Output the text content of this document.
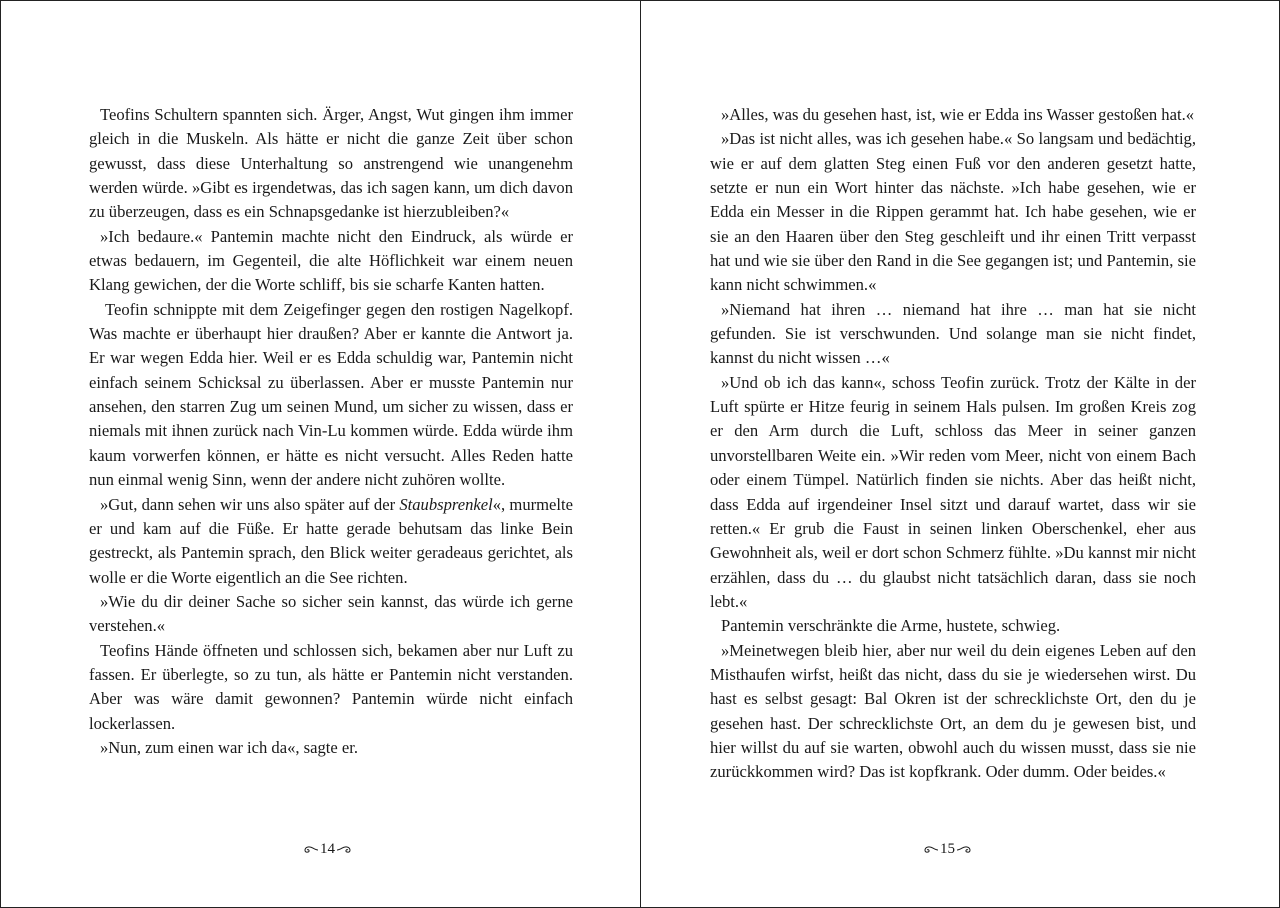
Teofins Schultern spannten sich. Ärger, Angst, Wut gingen ihm immer gleich in die Muskeln. Als hätte er nicht die ganze Zeit über schon gewusst, dass diese Unterhaltung so anstrengend wie unangenehm werden würde. »Gibt es irgendetwas, das ich sagen kann, um dich davon zu überzeugen, dass es ein Schnapsgedanke ist hierzubleiben?«

»Ich bedaure.« Pantemin machte nicht den Eindruck, als würde er etwas bedauern, im Gegenteil, die alte Höflichkeit war einem neuen Klang gewichen, der die Worte schliff, bis sie scharfe Kanten hatten.

Teofin schnippte mit dem Zeigefinger gegen den rostigen Nagelkopf. Was machte er überhaupt hier draußen? Aber er kannte die Antwort ja. Er war wegen Edda hier. Weil er es Edda schuldig war, Pantemin nicht einfach seinem Schicksal zu überlassen. Aber er musste Pantemin nur ansehen, den starren Zug um seinen Mund, um sicher zu wissen, dass er niemals mit ihnen zurück nach Vin-Lu kommen würde. Edda würde ihm kaum vorwerfen können, er hätte es nicht versucht. Alles Reden hatte nun einmal wenig Sinn, wenn der andere nicht zuhören wollte.

»Gut, dann sehen wir uns also später auf der Staubsprenkel«, murmelte er und kam auf die Füße. Er hatte gerade behutsam das linke Bein gestreckt, als Pantemin sprach, den Blick weiter geradeaus gerichtet, als wolle er die Worte eigentlich an die See richten.

»Wie du dir deiner Sache so sicher sein kannst, das würde ich gerne verstehen.«

Teofins Hände öffneten und schlossen sich, bekamen aber nur Luft zu fassen. Er überlegte, so zu tun, als hätte er Pantemin nicht verstanden. Aber was wäre damit gewonnen? Pantemin würde nicht einfach lockerlassen.

»Nun, zum einen war ich da«, sagte er.

14

»Alles, was du gesehen hast, ist, wie er Edda ins Wasser gestoßen hat.«

»Das ist nicht alles, was ich gesehen habe.« So langsam und bedächtig, wie er auf dem glatten Steg einen Fuß vor den anderen gesetzt hatte, setzte er nun ein Wort hinter das nächste. »Ich habe gesehen, wie er Edda ein Messer in die Rippen gerammt hat. Ich habe gesehen, wie er sie an den Haaren über den Steg geschleift und ihr einen Tritt verpasst hat und wie sie über den Rand in die See gegangen ist; und Pantemin, sie kann nicht schwimmen.«

»Niemand hat ihren … niemand hat ihre … man hat sie nicht gefunden. Sie ist verschwunden. Und solange man sie nicht findet, kannst du nicht wissen …«

»Und ob ich das kann«, schoss Teofin zurück. Trotz der Kälte in der Luft spürte er Hitze feurig in seinem Hals pulsen. Im großen Kreis zog er den Arm durch die Luft, schloss das Meer in seiner ganzen unvorstellbaren Weite ein. »Wir reden vom Meer, nicht von einem Bach oder einem Tümpel. Natürlich finden sie nichts. Aber das heißt nicht, dass Edda auf irgendeiner Insel sitzt und darauf wartet, dass wir sie retten.« Er grub die Faust in seinen linken Oberschenkel, eher aus Gewohnheit als, weil er dort schon Schmerz fühlte. »Du kannst mir nicht erzählen, dass du … du glaubst nicht tatsächlich daran, dass sie noch lebt.«

Pantemin verschränkte die Arme, hustete, schwieg.

»Meinetwegen bleib hier, aber nur weil du dein eigenes Leben auf den Misthaufen wirfst, heißt das nicht, dass du sie je wiedersehen wirst. Du hast es selbst gesagt: Bal Okren ist der schrecklichste Ort, den du je gesehen hast. Der schrecklichste Ort, an dem du je gewesen bist, und hier willst du auf sie warten, obwohl auch du wissen musst, dass sie nie zurückkommen wird? Das ist kopfkrank. Oder dumm. Oder beides.«

15
